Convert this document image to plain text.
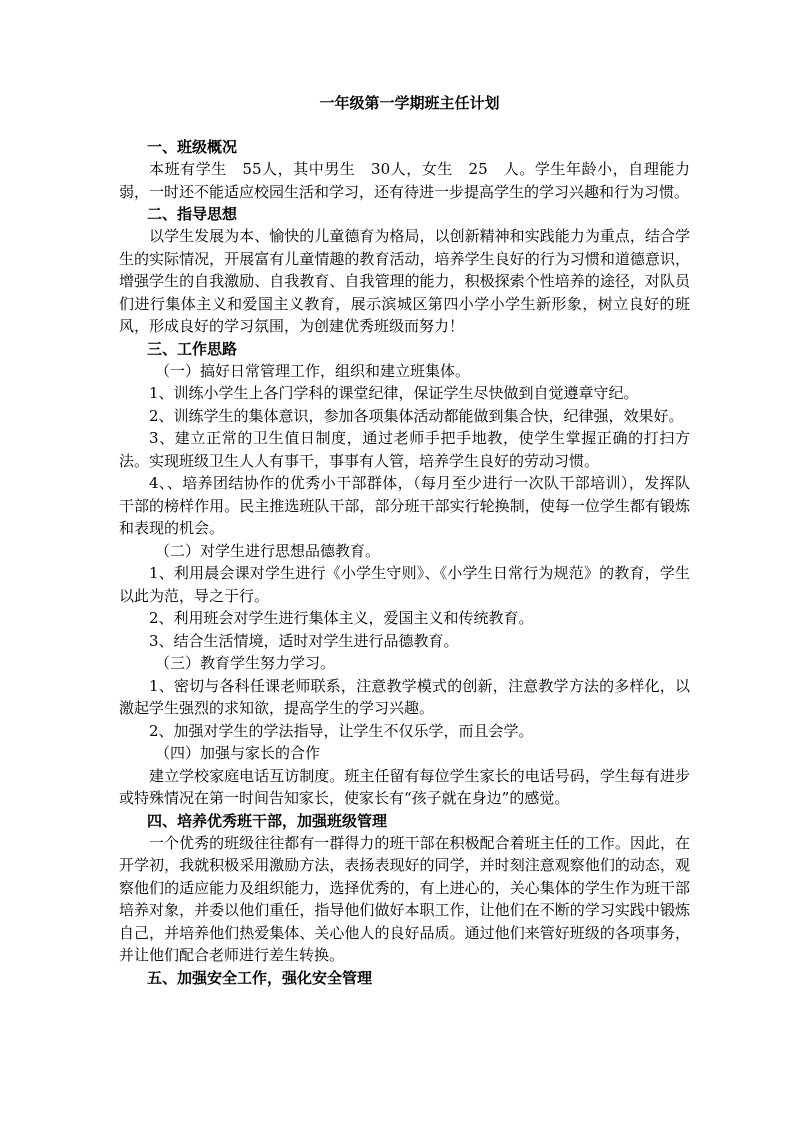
一年级第一学期班主任计划
一、班级概况
本班有学生　55人，其中男生　30人，女生　25　人。学生年龄小，自理能力弱，一时还不能适应校园生活和学习，还有待进一步提高学生的学习兴趣和行为习惯。
二、指导思想
以学生发展为本、愉快的儿童德育为格局，以创新精神和实践能力为重点，结合学生的实际情况，开展富有儿童情趣的教育活动，培养学生良好的行为习惯和道德意识，增强学生的自我激励、自我教育、自我管理的能力，积极探索个性培养的途径，对队员们进行集体主义和爱国主义教育，展示滨城区第四小学小学生新形象，树立良好的班风，形成良好的学习氛围，为创建优秀班级而努力！
三、工作思路
（一）搞好日常管理工作，组织和建立班集体。
1、训练小学生上各门学科的课堂纪律，保证学生尽快做到自觉遵章守纪。
2、训练学生的集体意识，参加各项集体活动都能做到集合快，纪律强，效果好。
3、建立正常的卫生值日制度，通过老师手把手地教，使学生掌握正确的打扫方法。实现班级卫生人人有事干，事事有人管，培养学生良好的劳动习惯。
4、、培养团结协作的优秀小干部群体，（每月至少进行一次队干部培训），发挥队干部的榜样作用。民主推选班队干部，部分班干部实行轮换制，使每一位学生都有锻炼和表现的机会。
（二）对学生进行思想品德教育。
1、利用晨会课对学生进行《小学生守则》、《小学生日常行为规范》的教育，学生以此为范，导之于行。
2、利用班会对学生进行集体主义，爱国主义和传统教育。
3、结合生活情境，适时对学生进行品德教育。
（三）教育学生努力学习。
1、密切与各科任课老师联系，注意教学模式的创新，注意教学方法的多样化，以激起学生强烈的求知欲，提高学生的学习兴趣。
2、加强对学生的学法指导，让学生不仅乐学，而且会学。
（四）加强与家长的合作
建立学校家庭电话互访制度。班主任留有每位学生家长的电话号码，学生每有进步或特殊情况在第一时间告知家长，使家长有“孩子就在身边”的感觉。
四、培养优秀班干部，加强班级管理
一个优秀的班级往往都有一群得力的班干部在积极配合着班主任的工作。因此，在开学初，我就积极采用激励方法，表扬表现好的同学，并时刻注意观察他们的动态，观察他们的适应能力及组织能力，选择优秀的，有上进心的，关心集体的学生作为班干部培养对象，并委以他们重任，指导他们做好本职工作，让他们在不断的学习实践中锻炼自己，并培养他们热爱集体、关心他人的良好品质。通过他们来管好班级的各项事务，并让他们配合老师进行差生转换。
五、加强安全工作，强化安全管理
